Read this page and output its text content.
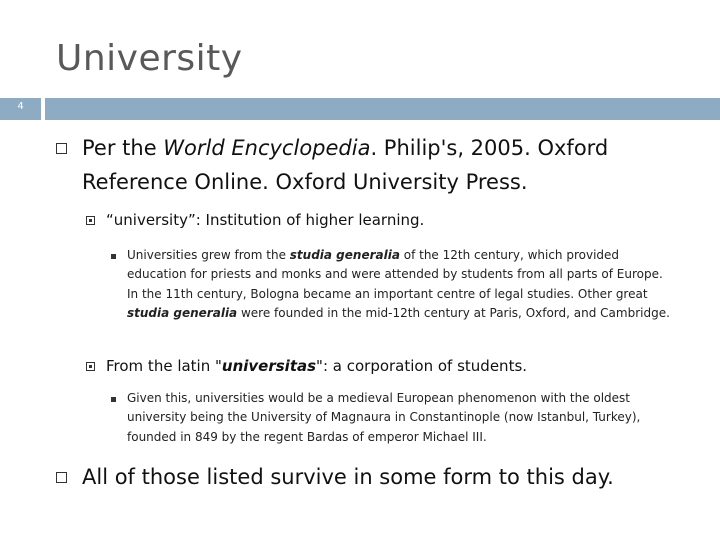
University
4
Per the World Encyclopedia. Philip's, 2005. Oxford Reference Online. Oxford University Press.
“university”: Institution of higher learning.
Universities grew from the studia generalia of the 12th century, which provided education for priests and monks and were attended by students from all parts of Europe. In the 11th century, Bologna became an important centre of legal studies. Other great studia generalia were founded in the mid-12th century at Paris, Oxford, and Cambridge.
From the latin "universitas": a corporation of students.
Given this, universities would be a medieval European phenomenon with the oldest university being the University of Magnaura in Constantinople (now Istanbul, Turkey), founded in 849 by the regent Bardas of emperor Michael III.
All of those listed survive in some form to this day.
